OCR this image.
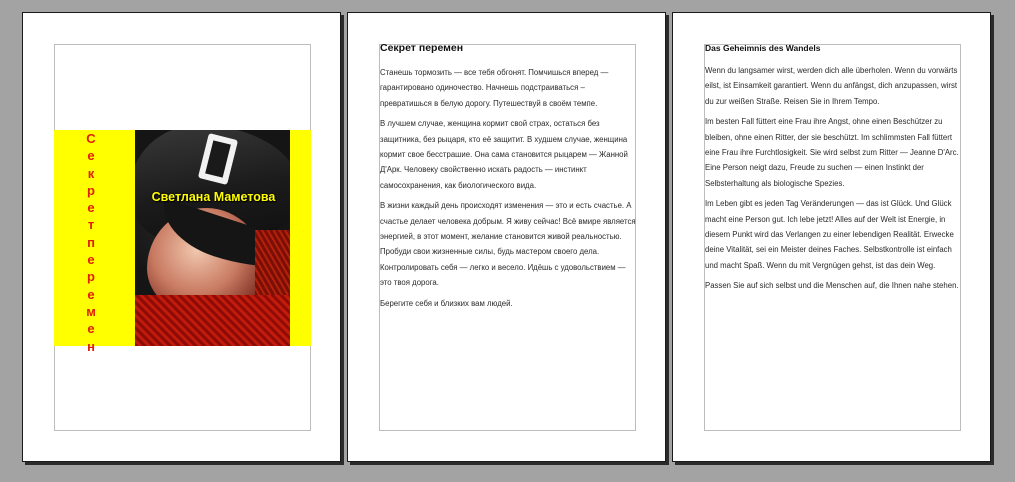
С
е
к
р
е
т
п
е
р
е
м
е
н
Светлана Маметова
Секрет перемен

Станешь тормозить — все тебя обгонят. Помчишься вперед — гарантировано одиночество. Начнешь подстраиваться – превратишься в белую дорогу. Путешествуй в своём темпе.

В лучшем случае, женщина кормит свой страх, остаться без защитника, без рыцаря, кто её защитит. В худшем случае, женщина кормит свое бесстрашие. Она сама становится рыцарем — Жанной Д'Арк. Человеку свойственно искать радость — инстинкт самосохранения, как биологического вида.

В жизни каждый день происходят изменения — это и есть счастье. А счастье делает человека добрым. Я живу сейчас! Всё вмире является энергией, в этот момент, желание становится живой реальностью. Пробуди свои жизненные силы, будь мастером своего дела. Контролировать себя — легко и весело. Идёшь с удовольствием — это твоя дорога.

Берегите себя и близких вам людей.

Das Geheimnis des Wandels

Wenn du langsamer wirst, werden dich alle überholen. Wenn du vorwärts eilst, ist Einsamkeit garantiert. Wenn du anfängst, dich anzupassen, wirst du zur weißen Straße. Reisen Sie in Ihrem Tempo.

Im besten Fall füttert eine Frau ihre Angst, ohne einen Beschützer zu bleiben, ohne einen Ritter, der sie beschützt. Im schlimmsten Fall füttert eine Frau ihre Furchtlosigkeit. Sie wird selbst zum Ritter — Jeanne D'Arc. Eine Person neigt dazu, Freude zu suchen — einen Instinkt der Selbsterhaltung als biologische Spezies.

Im Leben gibt es jeden Tag Veränderungen — das ist Glück. Und Glück macht eine Person gut. Ich lebe jetzt! Alles auf der Welt ist Energie, in diesem Punkt wird das Verlangen zu einer lebendigen Realität. Erwecke deine Vitalität, sei ein Meister deines Faches. Selbstkontrolle ist einfach und macht Spaß. Wenn du mit Vergnügen gehst, ist das dein Weg.

Passen Sie auf sich selbst und die Menschen auf, die Ihnen nahe stehen.
